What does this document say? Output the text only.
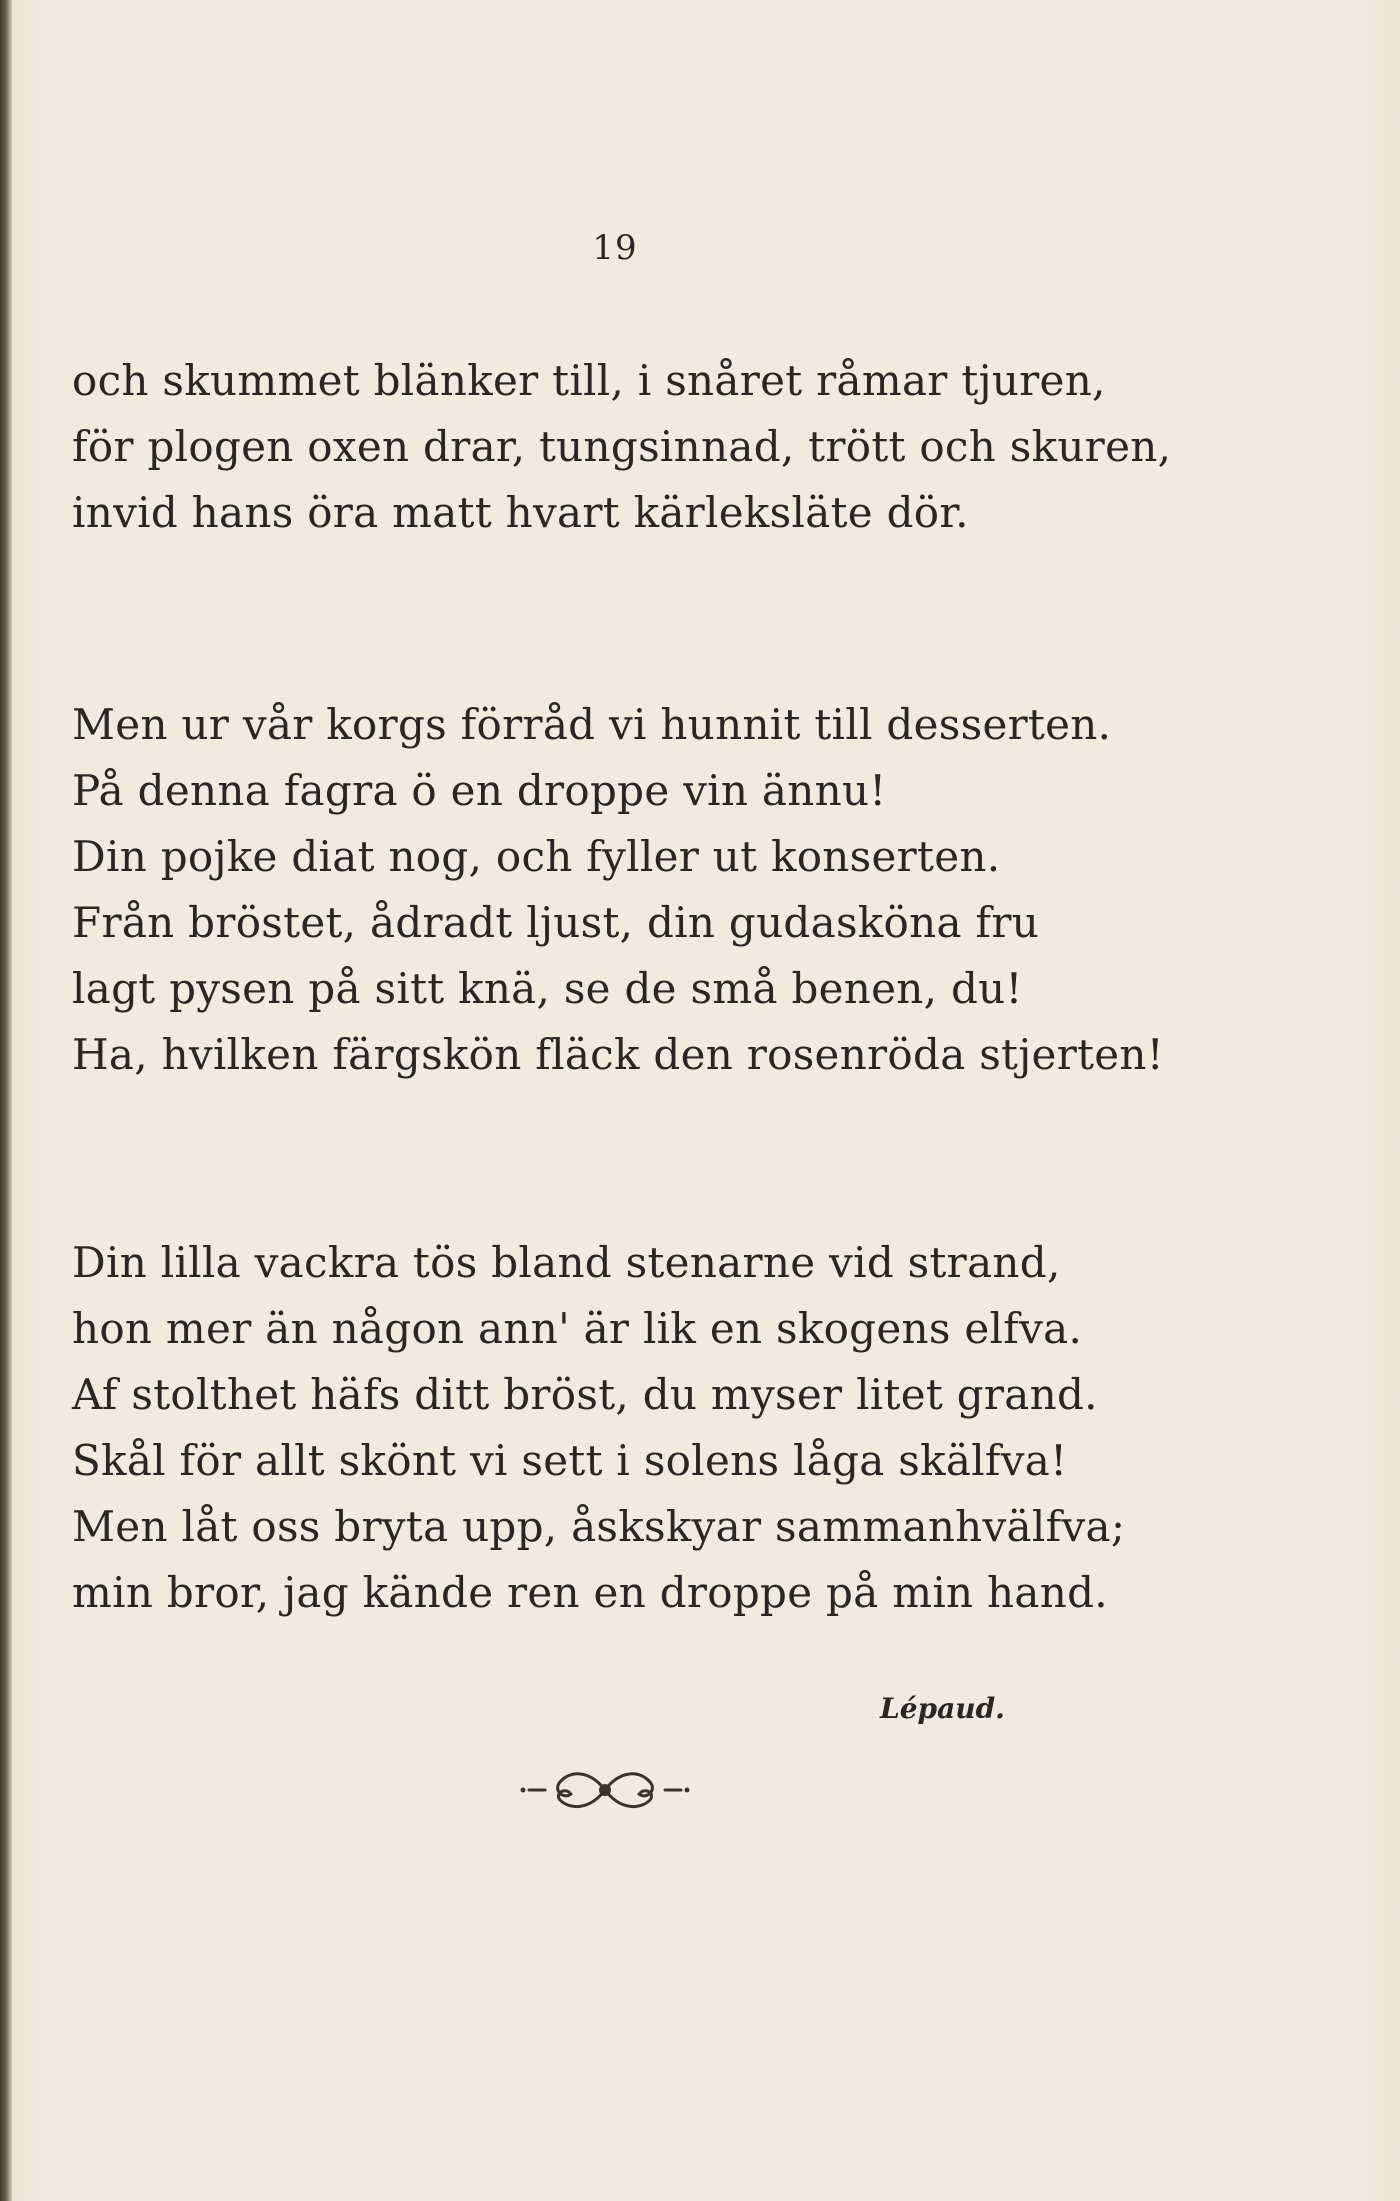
19
och skummet blänker till, i snåret råmar tjuren,
för plogen oxen drar, tungsinnad, trött och skuren,
invid hans öra matt hvart kärleksläte dör.
Men ur vår korgs förråd vi hunnit till desserten.
På denna fagra ö en droppe vin ännu!
Din pojke diat nog, och fyller ut konserten.
Från bröstet, ådradt ljust, din gudasköna fru
lagt pysen på sitt knä, se de små benen, du!
Ha, hvilken färgskön fläck den rosenröda stjerten!
Din lilla vackra tös bland stenarne vid strand,
hon mer än någon ann' är lik en skogens elfva.
Af stolthet häfs ditt bröst, du myser litet grand.
Skål för allt skönt vi sett i solens låga skälfva!
Men låt oss bryta upp, åskskyar sammanhvälfva;
min bror, jag kände ren en droppe på min hand.
Lépaud.
